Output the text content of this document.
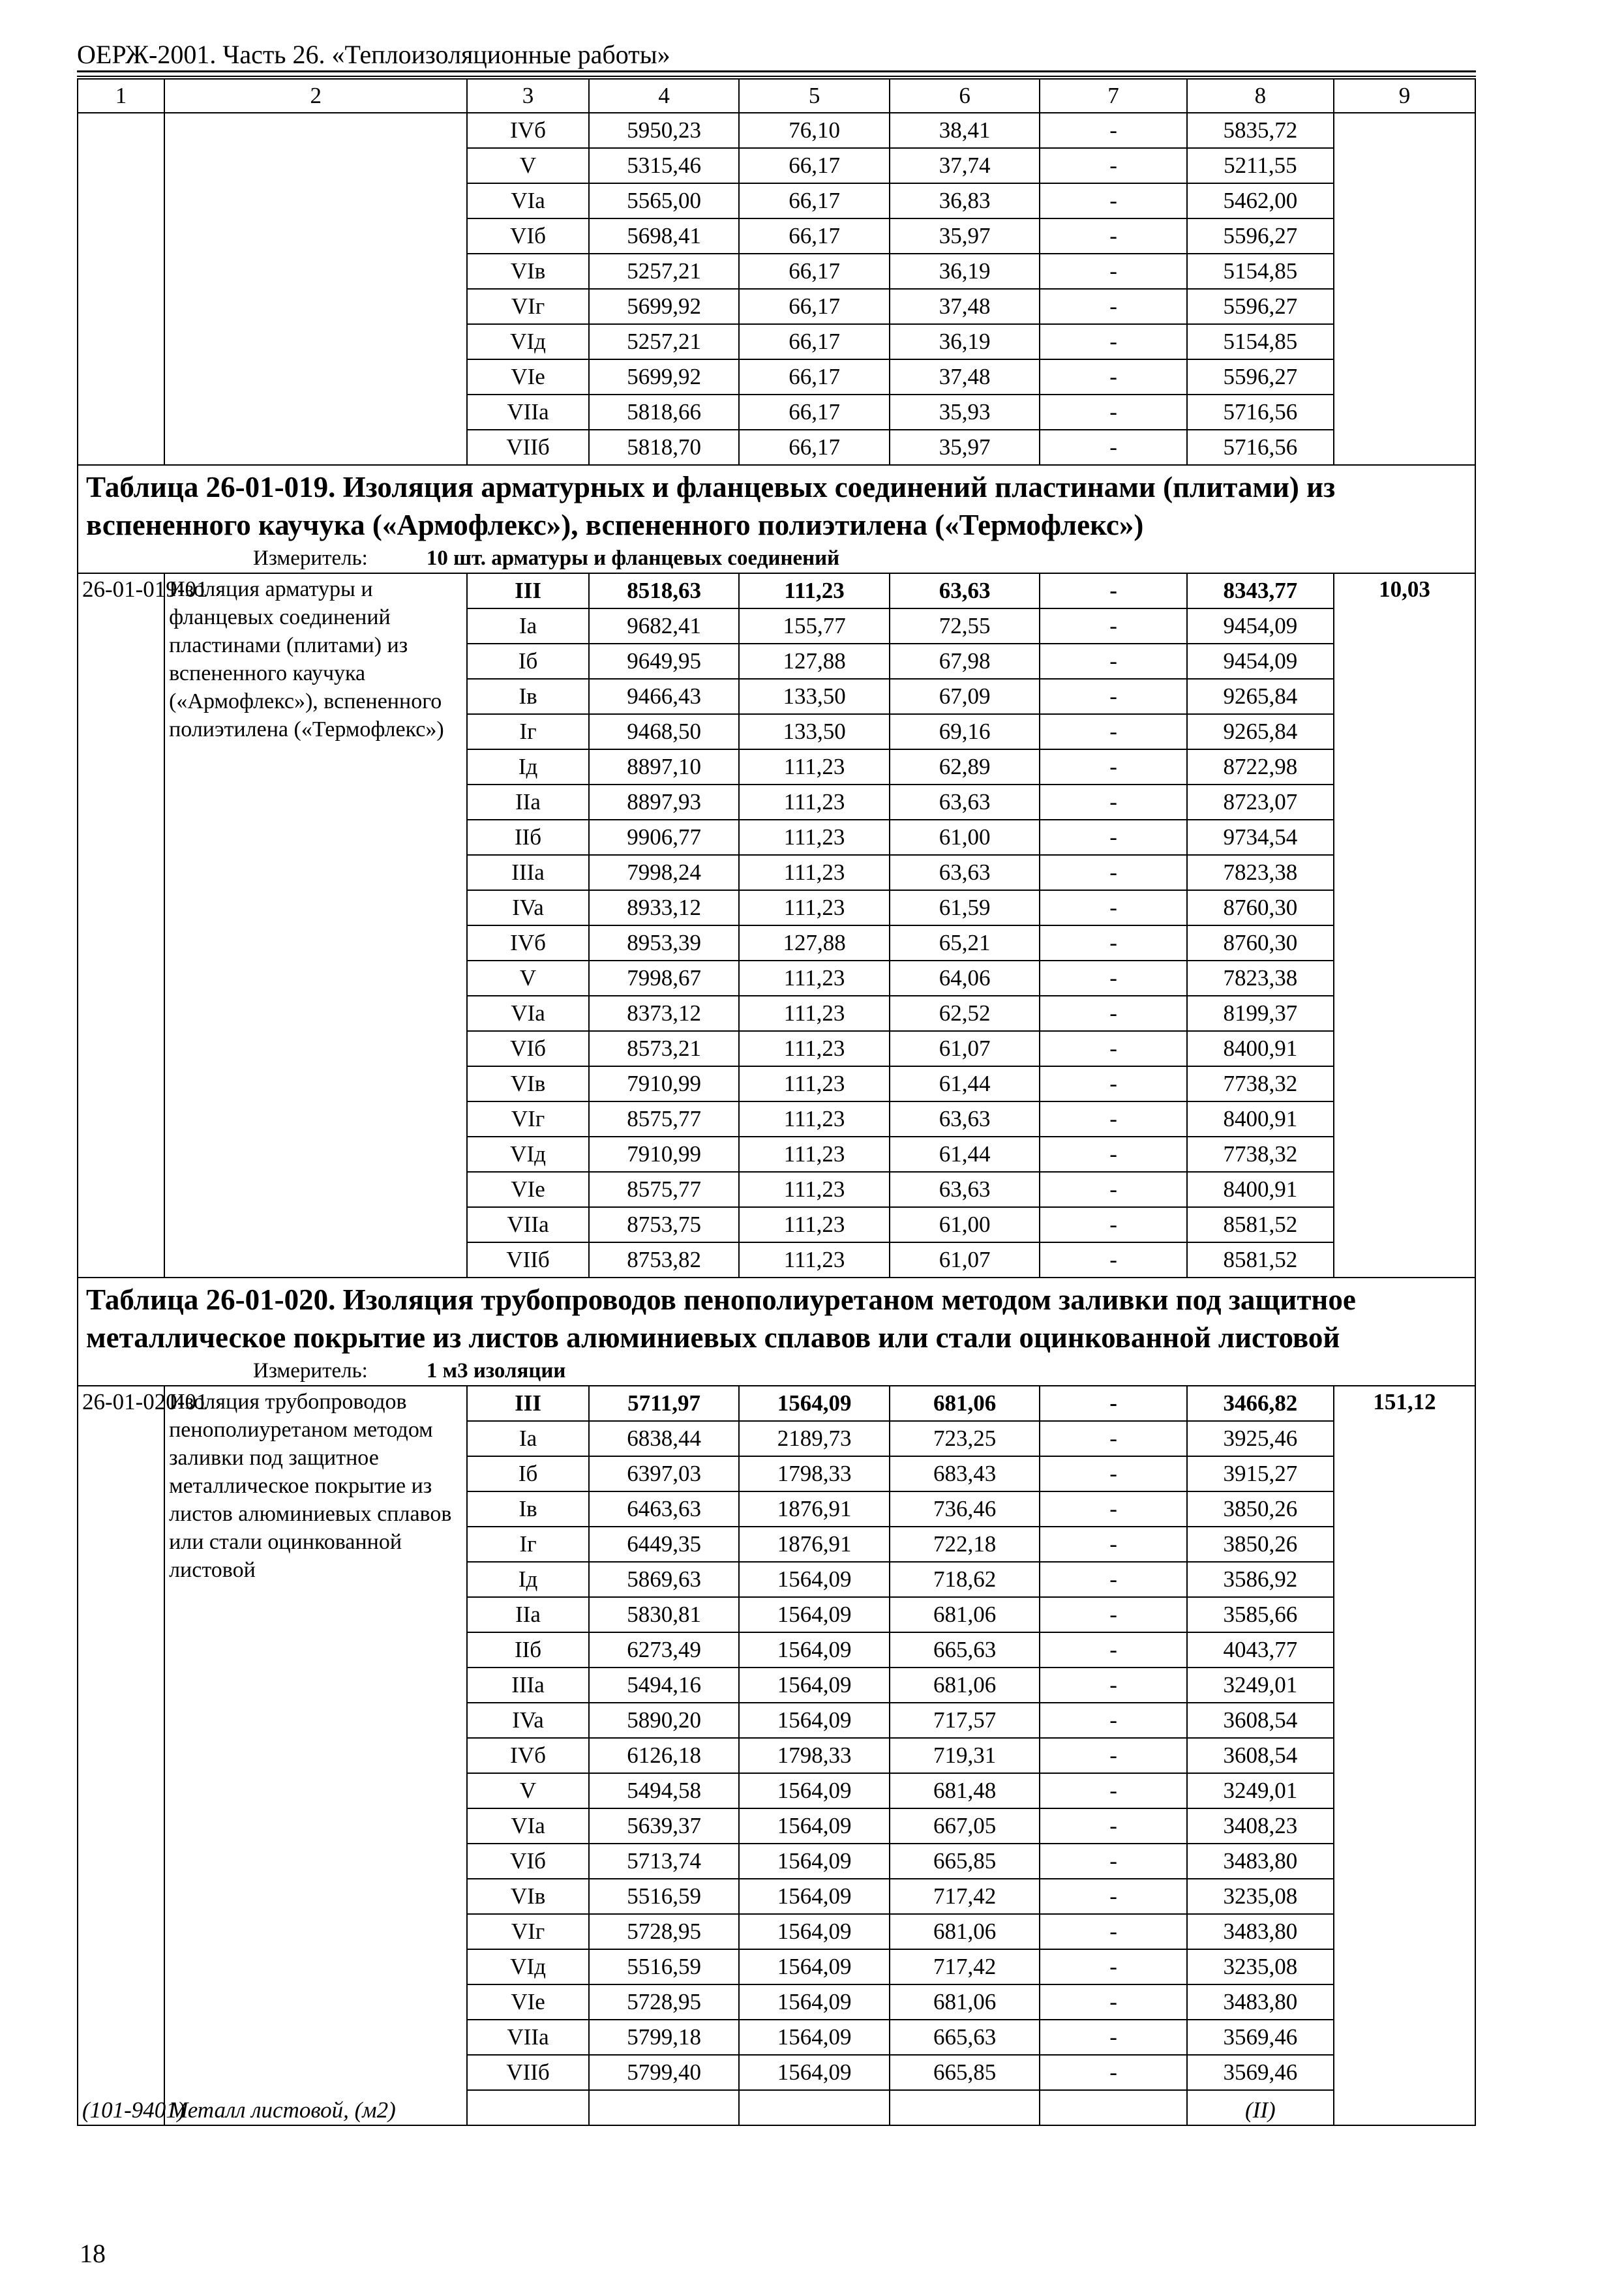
ОЕРЖ-2001. Часть 26. «Теплоизоляционные работы»
1	2	3	4	5	6	7	8	9
		IVб	5950,23	76,10	38,41	-	5835,72	
		V	5315,46	66,17	37,74	-	5211,55	
		VIa	5565,00	66,17	36,83	-	5462,00	
		VIб	5698,41	66,17	35,97	-	5596,27	
		VIв	5257,21	66,17	36,19	-	5154,85	
		VIг	5699,92	66,17	37,48	-	5596,27	
		VIд	5257,21	66,17	36,19	-	5154,85	
		VIе	5699,92	66,17	37,48	-	5596,27	
		VIIa	5818,66	66,17	35,93	-	5716,56	
		VIIб	5818,70	66,17	35,97	-	5716,56	
Таблица 26-01-019. Изоляция арматурных и фланцевых соединений пластинами (плитами) из вспененного каучука («Армофлекс»), вспененного полиэтилена («Термофлекс»)								
Измеритель: 10 шт. арматуры и фланцевых соединений								
26-01-019-01	Изоляция арматуры и фланцевых соединений пластинами (плитами) из вспененного каучука («Армофлекс»), вспененного полиэтилена («Термофлекс»)	III	8518,63	111,23	63,63	-	8343,77	10,03
		Ia	9682,41	155,77	72,55	-	9454,09	
		Iб	9649,95	127,88	67,98	-	9454,09	
		Iв	9466,43	133,50	67,09	-	9265,84	
		Iг	9468,50	133,50	69,16	-	9265,84	
		Iд	8897,10	111,23	62,89	-	8722,98	
		IIa	8897,93	111,23	63,63	-	8723,07	
		IIб	9906,77	111,23	61,00	-	9734,54	
		IIIa	7998,24	111,23	63,63	-	7823,38	
		IVa	8933,12	111,23	61,59	-	8760,30	
		IVб	8953,39	127,88	65,21	-	8760,30	
		V	7998,67	111,23	64,06	-	7823,38	
		VIa	8373,12	111,23	62,52	-	8199,37	
		VIб	8573,21	111,23	61,07	-	8400,91	
		VIв	7910,99	111,23	61,44	-	7738,32	
		VIг	8575,77	111,23	63,63	-	8400,91	
		VIд	7910,99	111,23	61,44	-	7738,32	
		VIе	8575,77	111,23	63,63	-	8400,91	
		VIIa	8753,75	111,23	61,00	-	8581,52	
		VIIб	8753,82	111,23	61,07	-	8581,52	
Таблица 26-01-020. Изоляция трубопроводов пенополиуретаном методом заливки под защитное металлическое покрытие из листов алюминиевых сплавов или стали оцинкованной листовой								
Измеритель: 1 м3 изоляции								
26-01-020-01	Изоляция трубопроводов пенополиуретаном методом заливки под защитное металлическое покрытие из листов алюминиевых сплавов или стали оцинкованной листовой	III	5711,97	1564,09	681,06	-	3466,82	151,12
		Ia	6838,44	2189,73	723,25	-	3925,46	
		Iб	6397,03	1798,33	683,43	-	3915,27	
		Iв	6463,63	1876,91	736,46	-	3850,26	
		Iг	6449,35	1876,91	722,18	-	3850,26	
		Iд	5869,63	1564,09	718,62	-	3586,92	
		IIa	5830,81	1564,09	681,06	-	3585,66	
		IIб	6273,49	1564,09	665,63	-	4043,77	
		IIIa	5494,16	1564,09	681,06	-	3249,01	
		IVa	5890,20	1564,09	717,57	-	3608,54	
		IVб	6126,18	1798,33	719,31	-	3608,54	
		V	5494,58	1564,09	681,48	-	3249,01	
		VIa	5639,37	1564,09	667,05	-	3408,23	
		VIб	5713,74	1564,09	665,85	-	3483,80	
		VIв	5516,59	1564,09	717,42	-	3235,08	
		VIг	5728,95	1564,09	681,06	-	3483,80	
		VIд	5516,59	1564,09	717,42	-	3235,08	
		VIе	5728,95	1564,09	681,06	-	3483,80	
		VIIa	5799,18	1564,09	665,63	-	3569,46	
		VIIб	5799,40	1564,09	665,85	-	3569,46	
(101-9401)	Металл листовой, (м2)						(II)	
18
